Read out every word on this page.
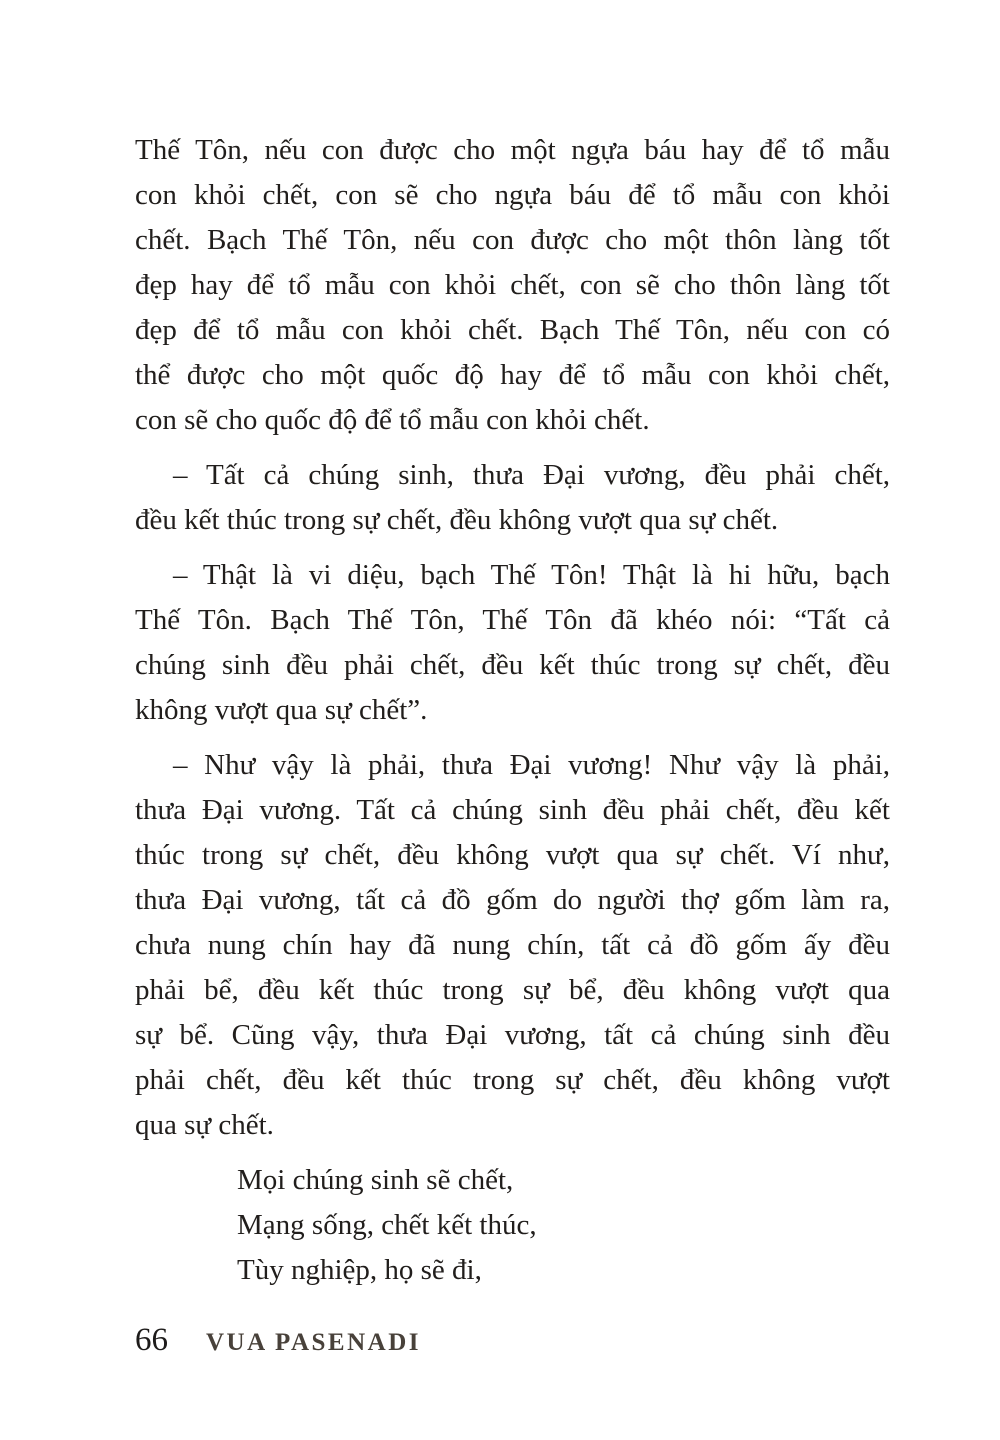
Thế Tôn, nếu con được cho một ngựa báu hay để tổ mẫu
con khỏi chết, con sẽ cho ngựa báu để tổ mẫu con khỏi
chết. Bạch Thế Tôn, nếu con được cho một thôn làng tốt
đẹp hay để tổ mẫu con khỏi chết, con sẽ cho thôn làng tốt
đẹp để tổ mẫu con khỏi chết. Bạch Thế Tôn, nếu con có
thể được cho một quốc độ hay để tổ mẫu con khỏi chết,
con sẽ cho quốc độ để tổ mẫu con khỏi chết.
– Tất cả chúng sinh, thưa Đại vương, đều phải chết,
đều kết thúc trong sự chết, đều không vượt qua sự chết.
– Thật là vi diệu, bạch Thế Tôn! Thật là hi hữu, bạch
Thế Tôn. Bạch Thế Tôn, Thế Tôn đã khéo nói: “Tất cả
chúng sinh đều phải chết, đều kết thúc trong sự chết, đều
không vượt qua sự chết”.
– Như vậy là phải, thưa Đại vương! Như vậy là phải,
thưa Đại vương. Tất cả chúng sinh đều phải chết, đều kết
thúc trong sự chết, đều không vượt qua sự chết. Ví như,
thưa Đại vương, tất cả đồ gốm do người thợ gốm làm ra,
chưa nung chín hay đã nung chín, tất cả đồ gốm ấy đều
phải bể, đều kết thúc trong sự bể, đều không vượt qua
sự bể. Cũng vậy, thưa Đại vương, tất cả chúng sinh đều
phải chết, đều kết thúc trong sự chết, đều không vượt
qua sự chết.
Mọi chúng sinh sẽ chết,
Mạng sống, chết kết thúc,
Tùy nghiệp, họ sẽ đi,
66 VUA PASENADI
